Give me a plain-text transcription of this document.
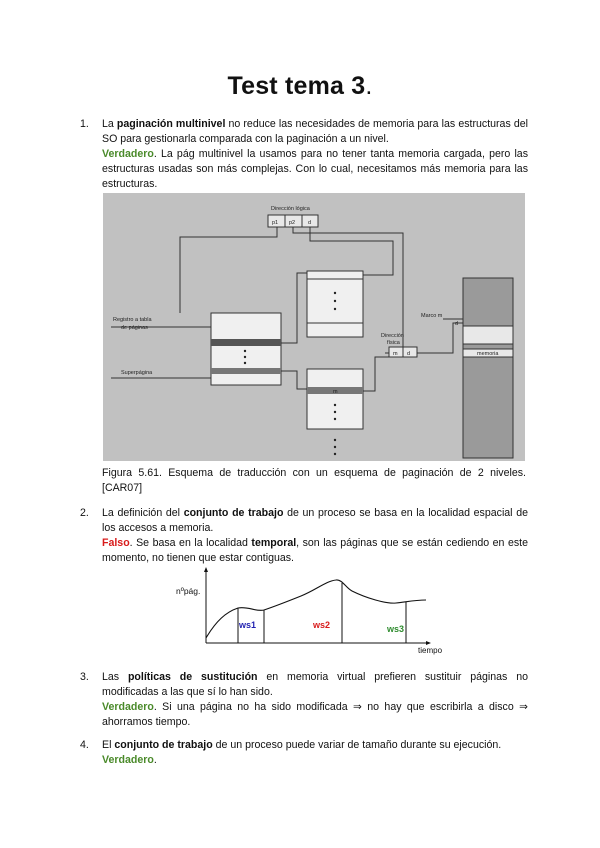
Test tema 3.
1.	La paginación multinivel no reduce las necesidades de memoria para las estructuras del SO para gestionarla comparada con la paginación a un nivel.
Verdadero. La pág multinivel la usamos para no tener tanta memoria cargada, pero las estructuras usadas son más complejas. Con lo cual, necesitamos más memoria para las estructuras.
Dirección lógica
p1 p2 d
Registro a tabla
de páginas
Superpágina
Dirección
física
m d
Marco m
d
memoria
m
Figura 5.61. Esquema de traducción con un esquema de paginación de 2 niveles. [CAR07]
2.	La definición del conjunto de trabajo de un proceso se basa en la localidad espacial de los accesos a memoria.
Falso. Se basa en la localidad temporal, son las páginas que se están cediendo en este momento, no tienen que estar contiguas.
nºpág.
tiempo
ws1	ws2	ws3
3.	Las políticas de sustitución en memoria virtual prefieren sustituir páginas no modificadas a las que sí lo han sido.
Verdadero. Si una página no ha sido modificada ⇒ no hay que escribirla a disco ⇒ ahorramos tiempo.
4.	El conjunto de trabajo de un proceso puede variar de tamaño durante su ejecución.
Verdadero.
